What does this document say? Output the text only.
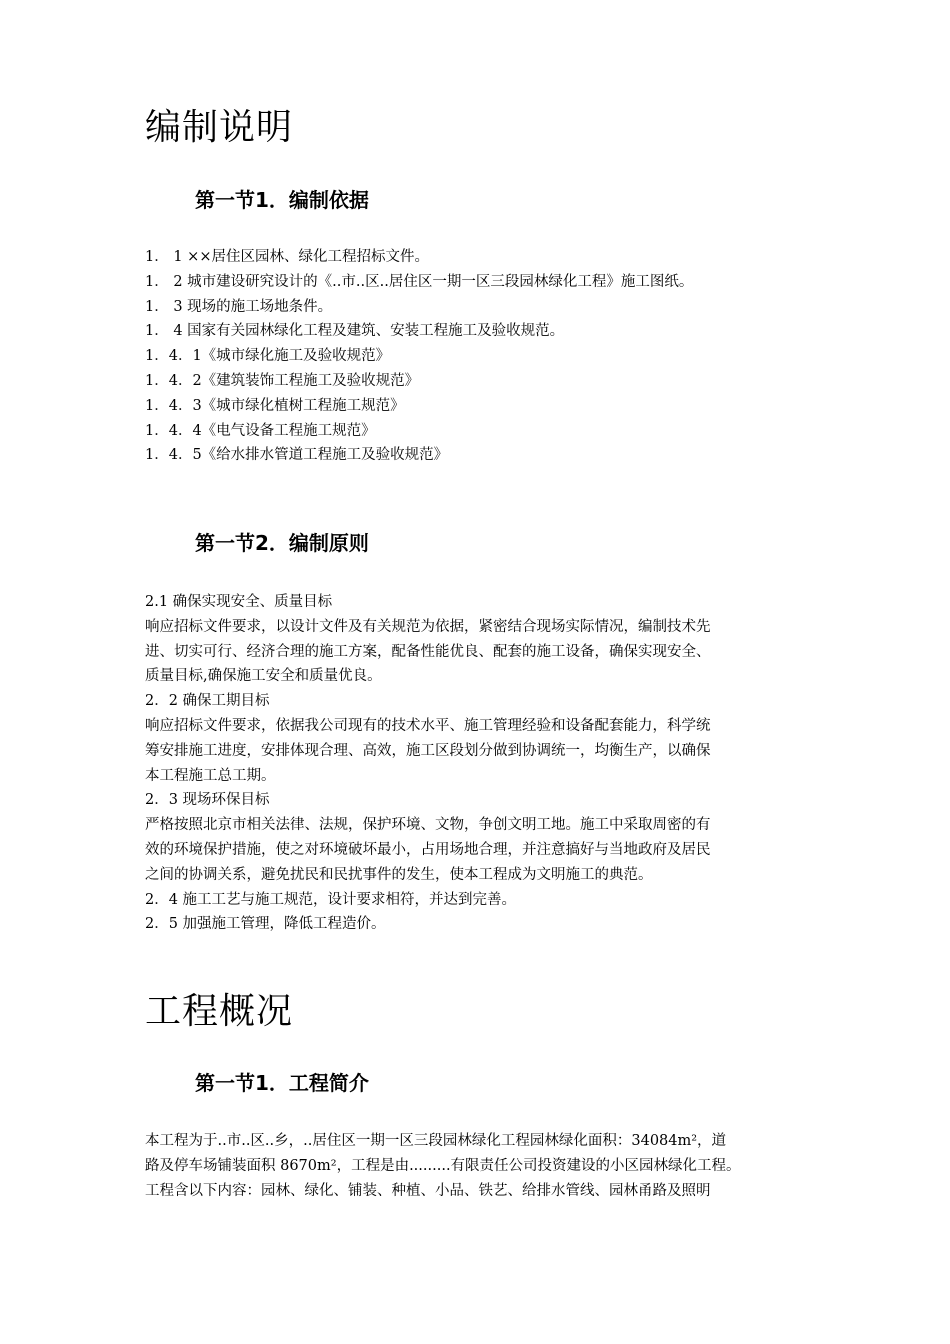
编制说明
第一节1．编制依据
1． 1 ××居住区园林、绿化工程招标文件。
1． 2 城市建设研究设计的《..市..区..居住区一期一区三段园林绿化工程》施工图纸。
1． 3 现场的施工场地条件。
1． 4 国家有关园林绿化工程及建筑、安装工程施工及验收规范。
1．4．1《城市绿化施工及验收规范》
1．4．2《建筑装饰工程施工及验收规范》
1．4．3《城市绿化植树工程施工规范》
1．4．4《电气设备工程施工规范》
1．4．5《给水排水管道工程施工及验收规范》
第一节2．编制原则
2.1 确保实现安全、质量目标
响应招标文件要求，以设计文件及有关规范为依据，紧密结合现场实际情况，编制技术先
进、切实可行、经济合理的施工方案，配备性能优良、配套的施工设备，确保实现安全、
质量目标,确保施工安全和质量优良。
2．2 确保工期目标
响应招标文件要求，依据我公司现有的技术水平、施工管理经验和设备配套能力，科学统
筹安排施工进度，安排体现合理、高效，施工区段划分做到协调统一，均衡生产，以确保
本工程施工总工期。
2．3 现场环保目标
严格按照北京市相关法律、法规，保护环境、文物，争创文明工地。施工中采取周密的有
效的环境保护措施，使之对环境破坏最小，占用场地合理，并注意搞好与当地政府及居民
之间的协调关系，避免扰民和民扰事件的发生，使本工程成为文明施工的典范。
2．4 施工工艺与施工规范，设计要求相符，并达到完善。
2．5 加强施工管理，降低工程造价。
工程概况
第一节1．工程简介
本工程为于..市..区..乡，..居住区一期一区三段园林绿化工程园林绿化面积：34084m²，道
路及停车场铺装面积 8670m²，工程是由.........有限责任公司投资建设的小区园林绿化工程。
工程含以下内容：园林、绿化、铺装、种植、小品、铁艺、给排水管线、园林甬路及照明
